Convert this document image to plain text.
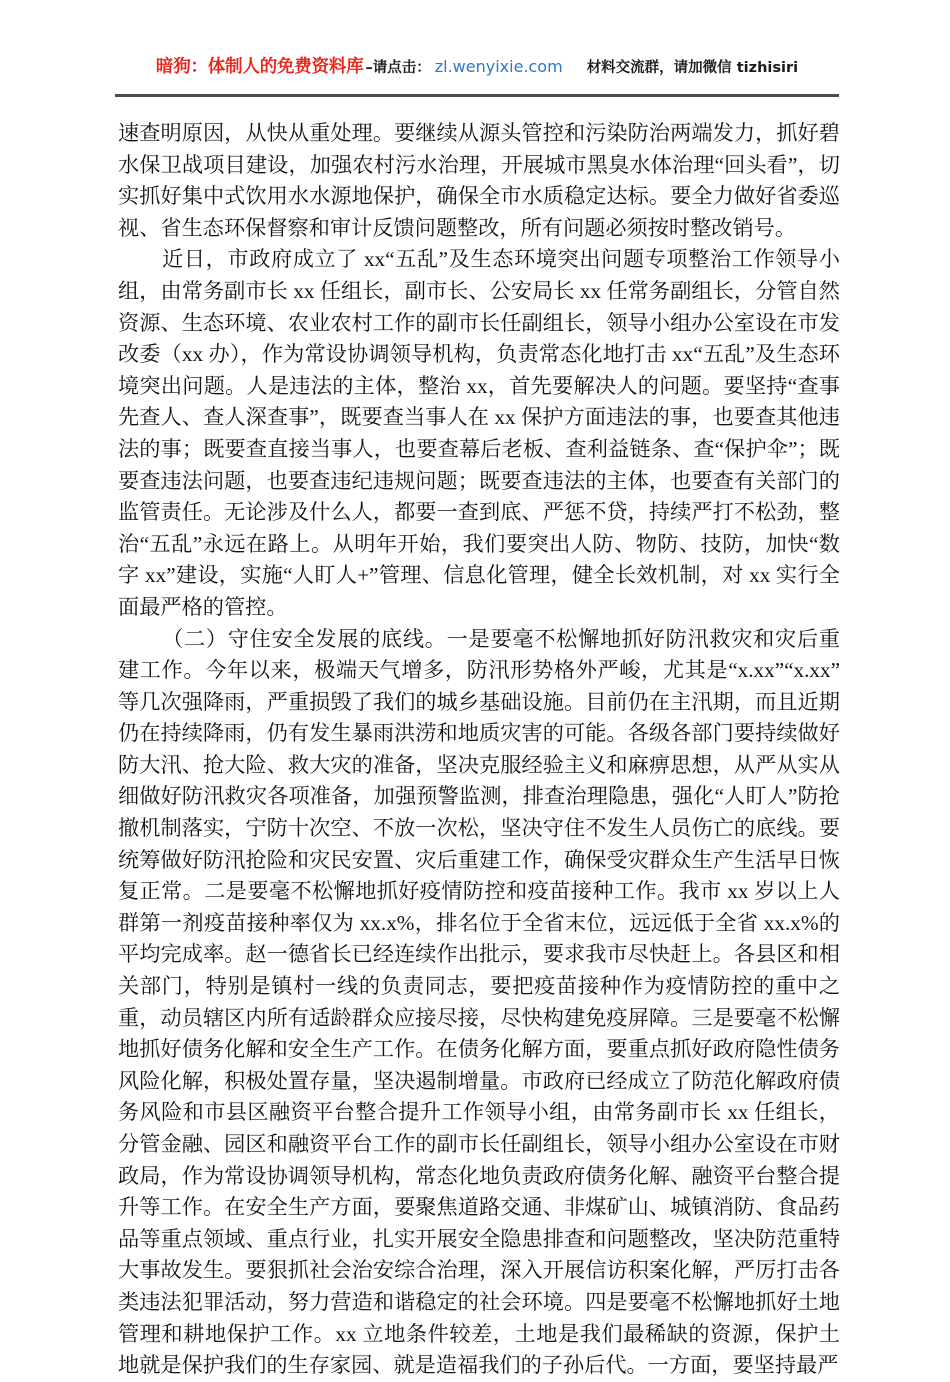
暗狗：体制人的免费资料库 –请点击： zl.wenyixie.com 材料交流群，请加微信 tizhisiri

速查明原因，从快从重处理。要继续从源头管控和污染防治两端发力，抓好碧水保卫战项目建设，加强农村污水治理，开展城市黑臭水体治理“回头看”，切实抓好集中式饮用水水源地保护，确保全市水质稳定达标。要全力做好省委巡视、省生态环保督察和审计反馈问题整改，所有问题必须按时整改销号。

近日，市政府成立了 xx“五乱”及生态环境突出问题专项整治工作领导小组，由常务副市长 xx 任组长，副市长、公安局长 xx 任常务副组长，分管自然资源、生态环境、农业农村工作的副市长任副组长，领导小组办公室设在市发改委（xx 办），作为常设协调领导机构，负责常态化地打击 xx“五乱”及生态环境突出问题。人是违法的主体，整治 xx，首先要解决人的问题。要坚持“查事先查人、查人深查事”，既要查当事人在 xx 保护方面违法的事，也要查其他违法的事；既要查直接当事人，也要查幕后老板、查利益链条、查“保护伞”；既要查违法问题，也要查违纪违规问题；既要查违法的主体，也要查有关部门的监管责任。无论涉及什么人，都要一查到底、严惩不贷，持续严打不松劲，整治“五乱”永远在路上。从明年开始，我们要突出人防、物防、技防，加快“数字 xx”建设，实施“人盯人+”管理、信息化管理，健全长效机制，对 xx 实行全面最严格的管控。

（二）守住安全发展的底线。一是要毫不松懈地抓好防汛救灾和灾后重建工作。今年以来，极端天气增多，防汛形势格外严峻，尤其是“x.xx”“x.xx”等几次强降雨，严重损毁了我们的城乡基础设施。目前仍在主汛期，而且近期仍在持续降雨，仍有发生暴雨洪涝和地质灾害的可能。各级各部门要持续做好防大汛、抢大险、救大灾的准备，坚决克服经验主义和麻痹思想，从严从实从细做好防汛救灾各项准备，加强预警监测，排查治理隐患，强化“人盯人”防抢撤机制落实，宁防十次空、不放一次松，坚决守住不发生人员伤亡的底线。要统筹做好防汛抢险和灾民安置、灾后重建工作，确保受灾群众生产生活早日恢复正常。二是要毫不松懈地抓好疫情防控和疫苗接种工作。我市 xx 岁以上人群第一剂疫苗接种率仅为 xx.x%，排名位于全省末位，远远低于全省 xx.x%的平均完成率。赵一德省长已经连续作出批示，要求我市尽快赶上。各县区和相关部门，特别是镇村一线的负责同志，要把疫苗接种作为疫情防控的重中之重，动员辖区内所有适龄群众应接尽接，尽快构建免疫屏障。三是要毫不松懈地抓好债务化解和安全生产工作。在债务化解方面，要重点抓好政府隐性债务风险化解，积极处置存量，坚决遏制增量。市政府已经成立了防范化解政府债务风险和市县区融资平台整合提升工作领导小组，由常务副市长 xx 任组长，分管金融、园区和融资平台工作的副市长任副组长，领导小组办公室设在市财政局，作为常设协调领导机构，常态化地负责政府债务化解、融资平台整合提升等工作。在安全生产方面，要聚焦道路交通、非煤矿山、城镇消防、食品药品等重点领域、重点行业，扎实开展安全隐患排查和问题整改，坚决防范重特大事故发生。要狠抓社会治安综合治理，深入开展信访积案化解，严厉打击各类违法犯罪活动，努力营造和谐稳定的社会环境。四是要毫不松懈地抓好土地管理和耕地保护工作。xx 立地条件较差，土地是我们最稀缺的资源，保护土地就是保护我们的生存家园、就是造福我们的子孙后代。一方面，要坚持最严
